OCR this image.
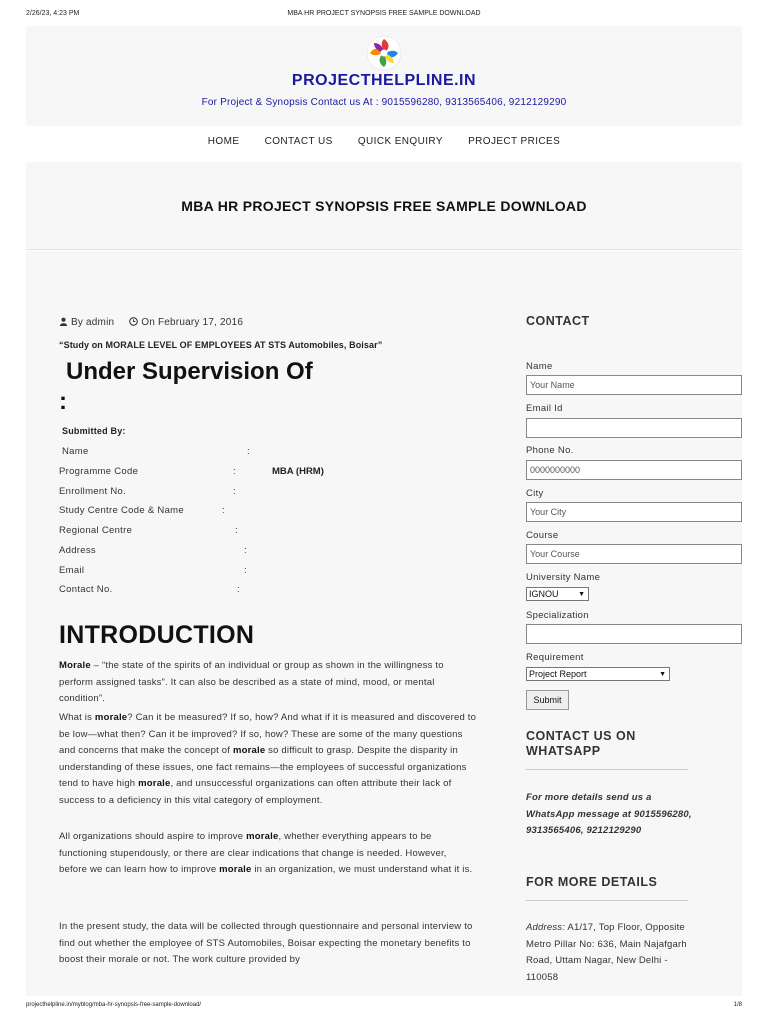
2/26/23, 4:23 PM	MBA HR PROJECT SYNOPSIS FREE SAMPLE DOWNLOAD
PROJECTHELPLINE.IN
For Project & Synopsis Contact us At : 9015596280, 9313565406, 9212129290
HOME	CONTACT US	QUICK ENQUIRY	PROJECT PRICES
MBA HR PROJECT SYNOPSIS FREE SAMPLE DOWNLOAD
By admin	On February 17, 2016
“Study on MORALE LEVEL OF EMPLOYEES AT STS Automobiles, Boisar”
Under Supervision Of
:
Submitted By:
Name	:
Programme Code	:	MBA (HRM)
Enrollment No.	:
Study Centre Code & Name	:
Regional Centre	:
Address	:
Email	:
Contact No.	:
INTRODUCTION
Morale – “the state of the spirits of an individual or group as shown in the willingness to perform assigned tasks”. It can also be described as a state of mind, mood, or mental condition”.
What is morale? Can it be measured? If so, how? And what if it is measured and discovered to be low—what then? Can it be improved? If so, how? These are some of the many questions and concerns that make the concept of morale so difficult to grasp. Despite the disparity in understanding of these issues, one fact remains—the employees of successful organizations tend to have high morale, and unsuccessful organizations can often attribute their lack of success to a deficiency in this vital category of employment.
All organizations should aspire to improve morale, whether everything appears to be functioning stupendously, or there are clear indications that change is needed. However, before we can learn how to improve morale in an organization, we must understand what it is.
In the present study, the data will be collected through questionnaire and personal interview to find out whether the employee of STS Automobiles, Boisar expecting the monetary benefits to boost their morale or not. The work culture provided by
CONTACT
Name
Your Name
Email Id
Phone No.
0000000000
City
Your City
Course
Your Course
University Name
IGNOU	▼
Specialization
Requirement
Project Report	▼
Submit
CONTACT US ON WHATSAPP
For more details send us a WhatsApp message at 9015596280, 9313565406, 9212129290
FOR MORE DETAILS
Address: A1/17, Top Floor, Opposite Metro Pillar No: 636, Main Najafgarh Road, Uttam Nagar, New Delhi - 110058
projecthelpline.in/myblog/mba-hr-synopsis-free-sample-download/	1/8
